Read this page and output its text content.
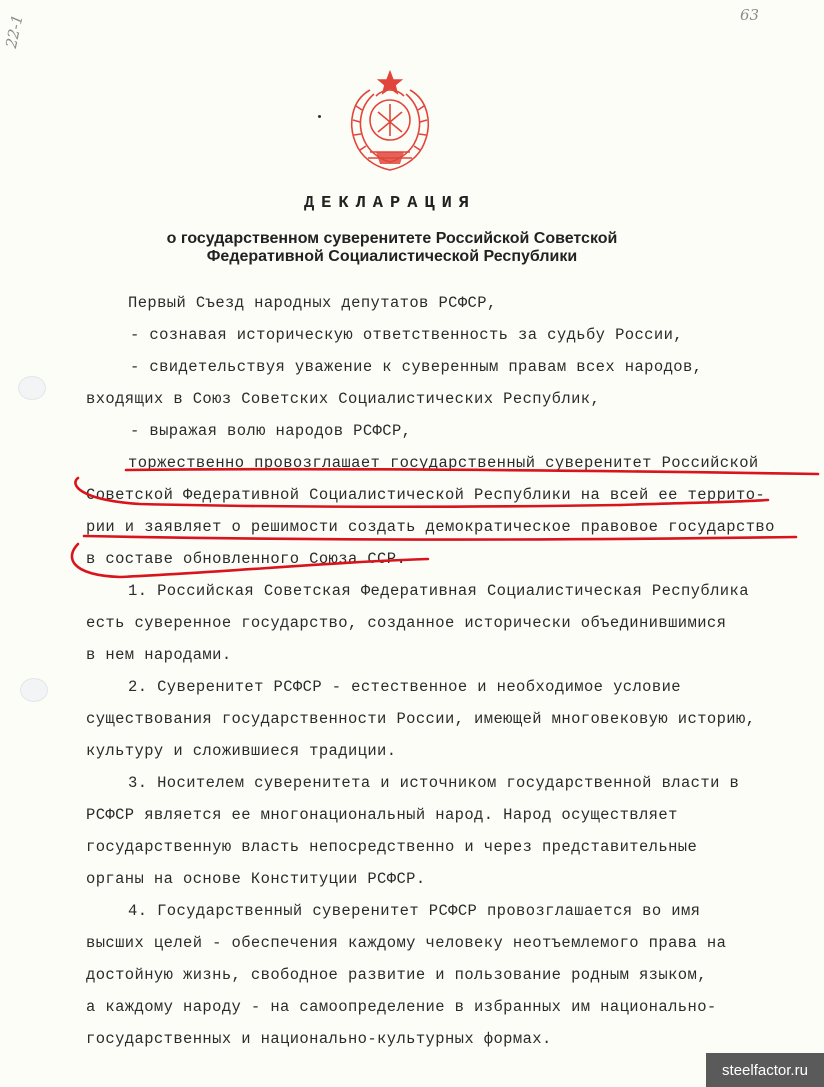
22-1	63
ДЕКЛАРАЦИЯ
о государственном суверенитете Российской Советской
Федеративной Социалистической Республики
Первый Съезд народных депутатов РСФСР,
- сознавая историческую ответственность за судьбу России,
- свидетельствуя уважение к суверенным правам всех народов,
входящих в Союз Советских Социалистических Республик,
- выражая волю народов РСФСР,
торжественно провозглашает государственный суверенитет Российской
Советской Федеративной Социалистической Республики на всей ее террито-
рии и заявляет о решимости создать демократическое правовое государство
в составе обновленного Союза ССР.
1. Российская Советская Федеративная Социалистическая Республика
есть суверенное государство, созданное исторически объединившимися
в нем народами.
2. Суверенитет РСФСР - естественное и необходимое условие
существования государственности России, имеющей многовековую историю,
культуру и сложившиеся традиции.
3. Носителем суверенитета и источником государственной власти в
РСФСР является ее многонациональный народ. Народ осуществляет
государственную власть непосредственно и через представительные
органы на основе Конституции РСФСР.
4. Государственный суверенитет РСФСР провозглашается во имя
высших целей - обеспечения каждому человеку неотъемлемого права на
достойную жизнь, свободное развитие и пользование родным языком,
а каждому народу - на самоопределение в избранных им национально-
государственных и национально-культурных формах.
steelfactor.ru
